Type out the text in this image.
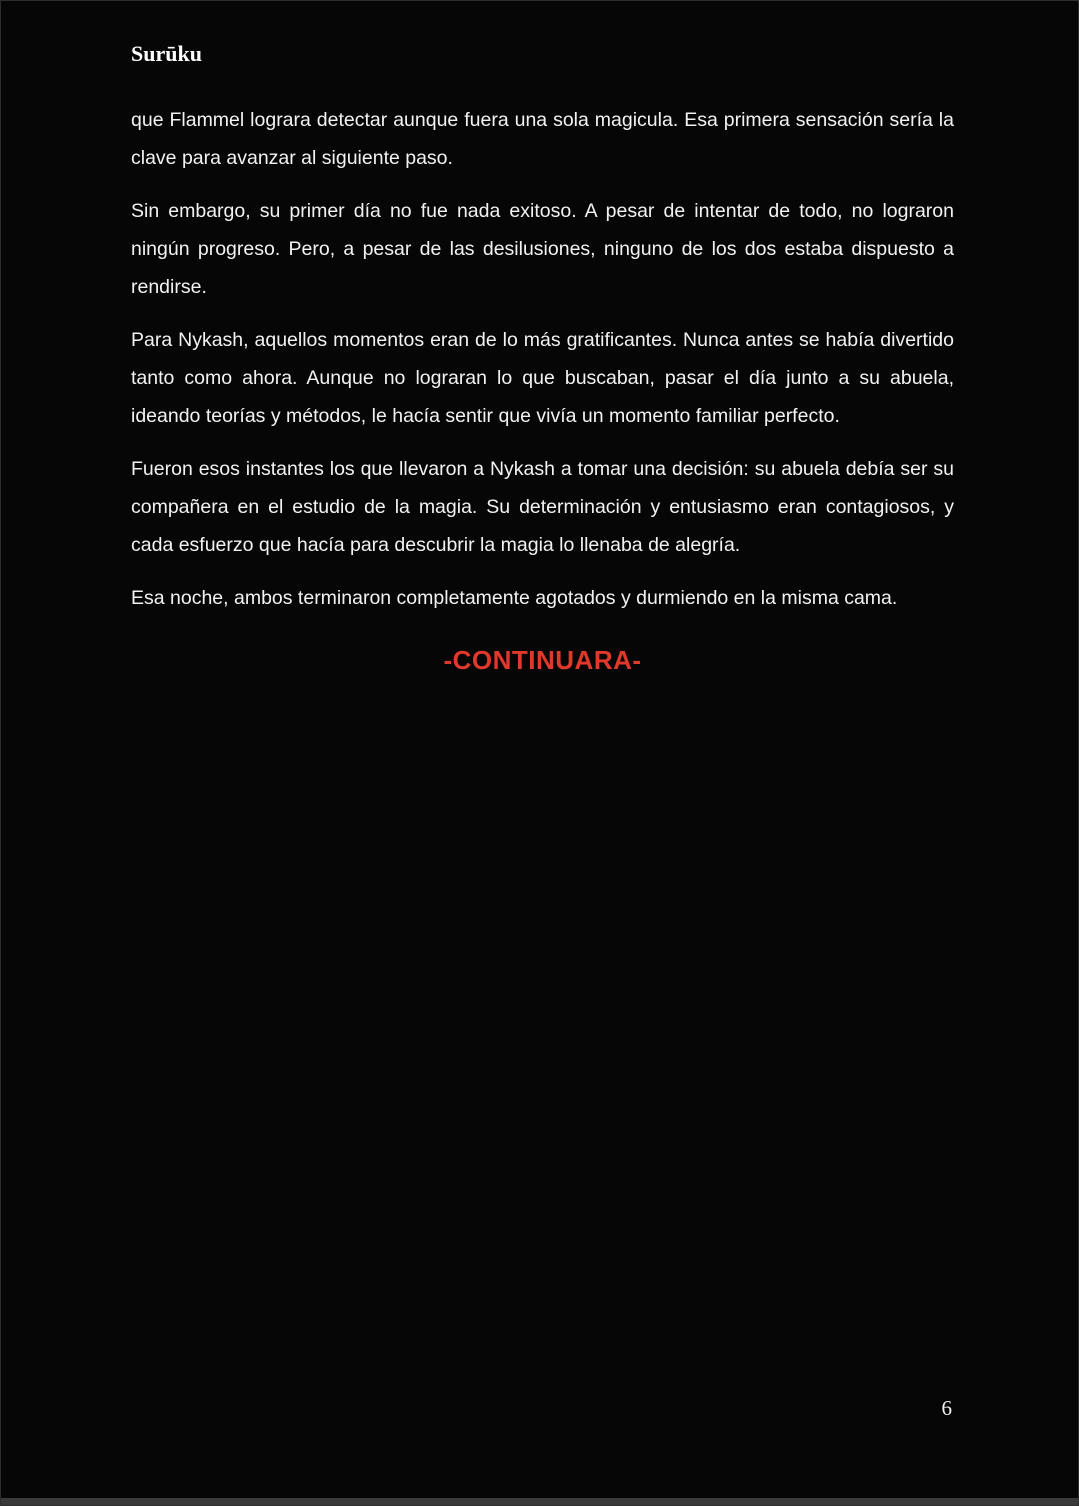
Surūku

que Flammel lograra detectar aunque fuera una sola magicula. Esa primera sensación sería la clave para avanzar al siguiente paso.

Sin embargo, su primer día no fue nada exitoso. A pesar de intentar de todo, no lograron ningún progreso. Pero, a pesar de las desilusiones, ninguno de los dos estaba dispuesto a rendirse.

Para Nykash, aquellos momentos eran de lo más gratificantes. Nunca antes se había divertido tanto como ahora. Aunque no lograran lo que buscaban, pasar el día junto a su abuela, ideando teorías y métodos, le hacía sentir que vivía un momento familiar perfecto.

Fueron esos instantes los que llevaron a Nykash a tomar una decisión: su abuela debía ser su compañera en el estudio de la magia. Su determinación y entusiasmo eran contagiosos, y cada esfuerzo que hacía para descubrir la magia lo llenaba de alegría.

Esa noche, ambos terminaron completamente agotados y durmiendo en la misma cama.

-CONTINUARA-
6
